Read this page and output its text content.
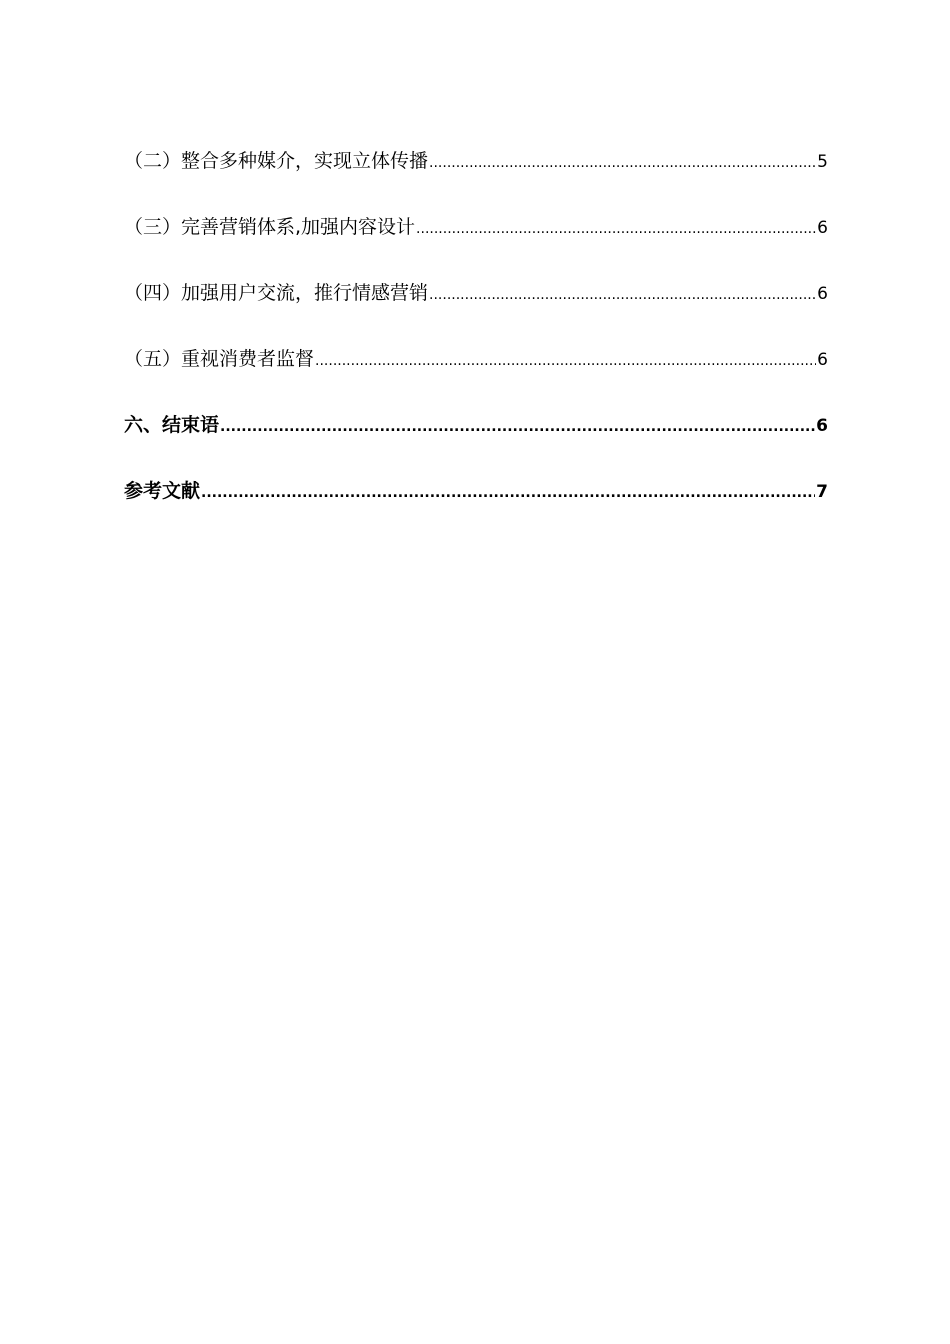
（二）整合多种媒介，实现立体传播 .....	5
（三）完善营销体系,加强内容设计 .....	6
（四）加强用户交流，推行情感营销 .....	6
（五）重视消费者监督 .....	6
六、结束语 .....	6
参考文献 .....	7
